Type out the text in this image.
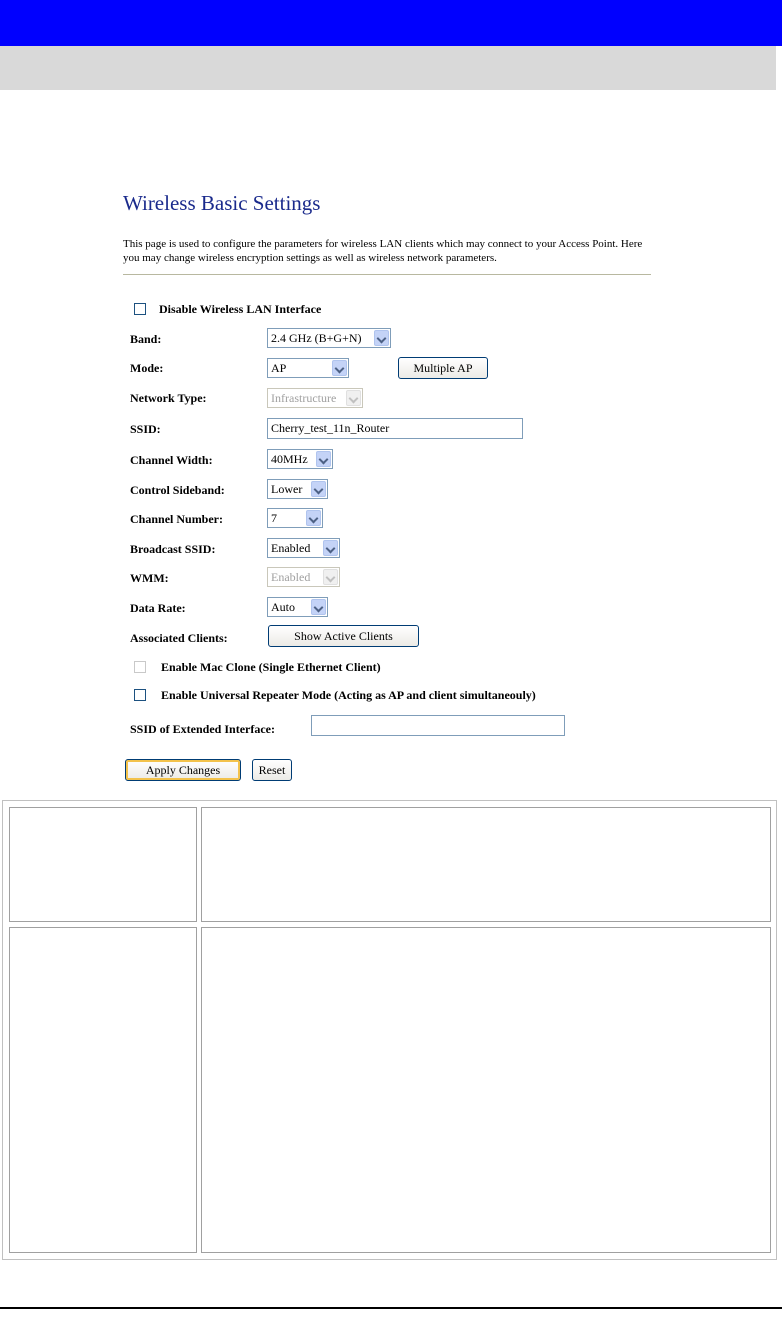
Wireless Basic Settings
This page is used to configure the parameters for wireless LAN clients which may connect to your Access Point. Here you may change wireless encryption settings as well as wireless network parameters.
Disable Wireless LAN Interface
Band:	2.4 GHz (B+G+N)
Mode:	AP	Multiple AP
Network Type:	Infrastructure
SSID:	Cherry_test_11n_Router
Channel Width:	40MHz
Control Sideband:	Lower
Channel Number:	7
Broadcast SSID:	Enabled
WMM:	Enabled
Data Rate:	Auto
Associated Clients:	Show Active Clients
Enable Mac Clone (Single Ethernet Client)
Enable Universal Repeater Mode (Acting as AP and client simultaneouly)
SSID of Extended Interface:
Apply Changes	Reset
